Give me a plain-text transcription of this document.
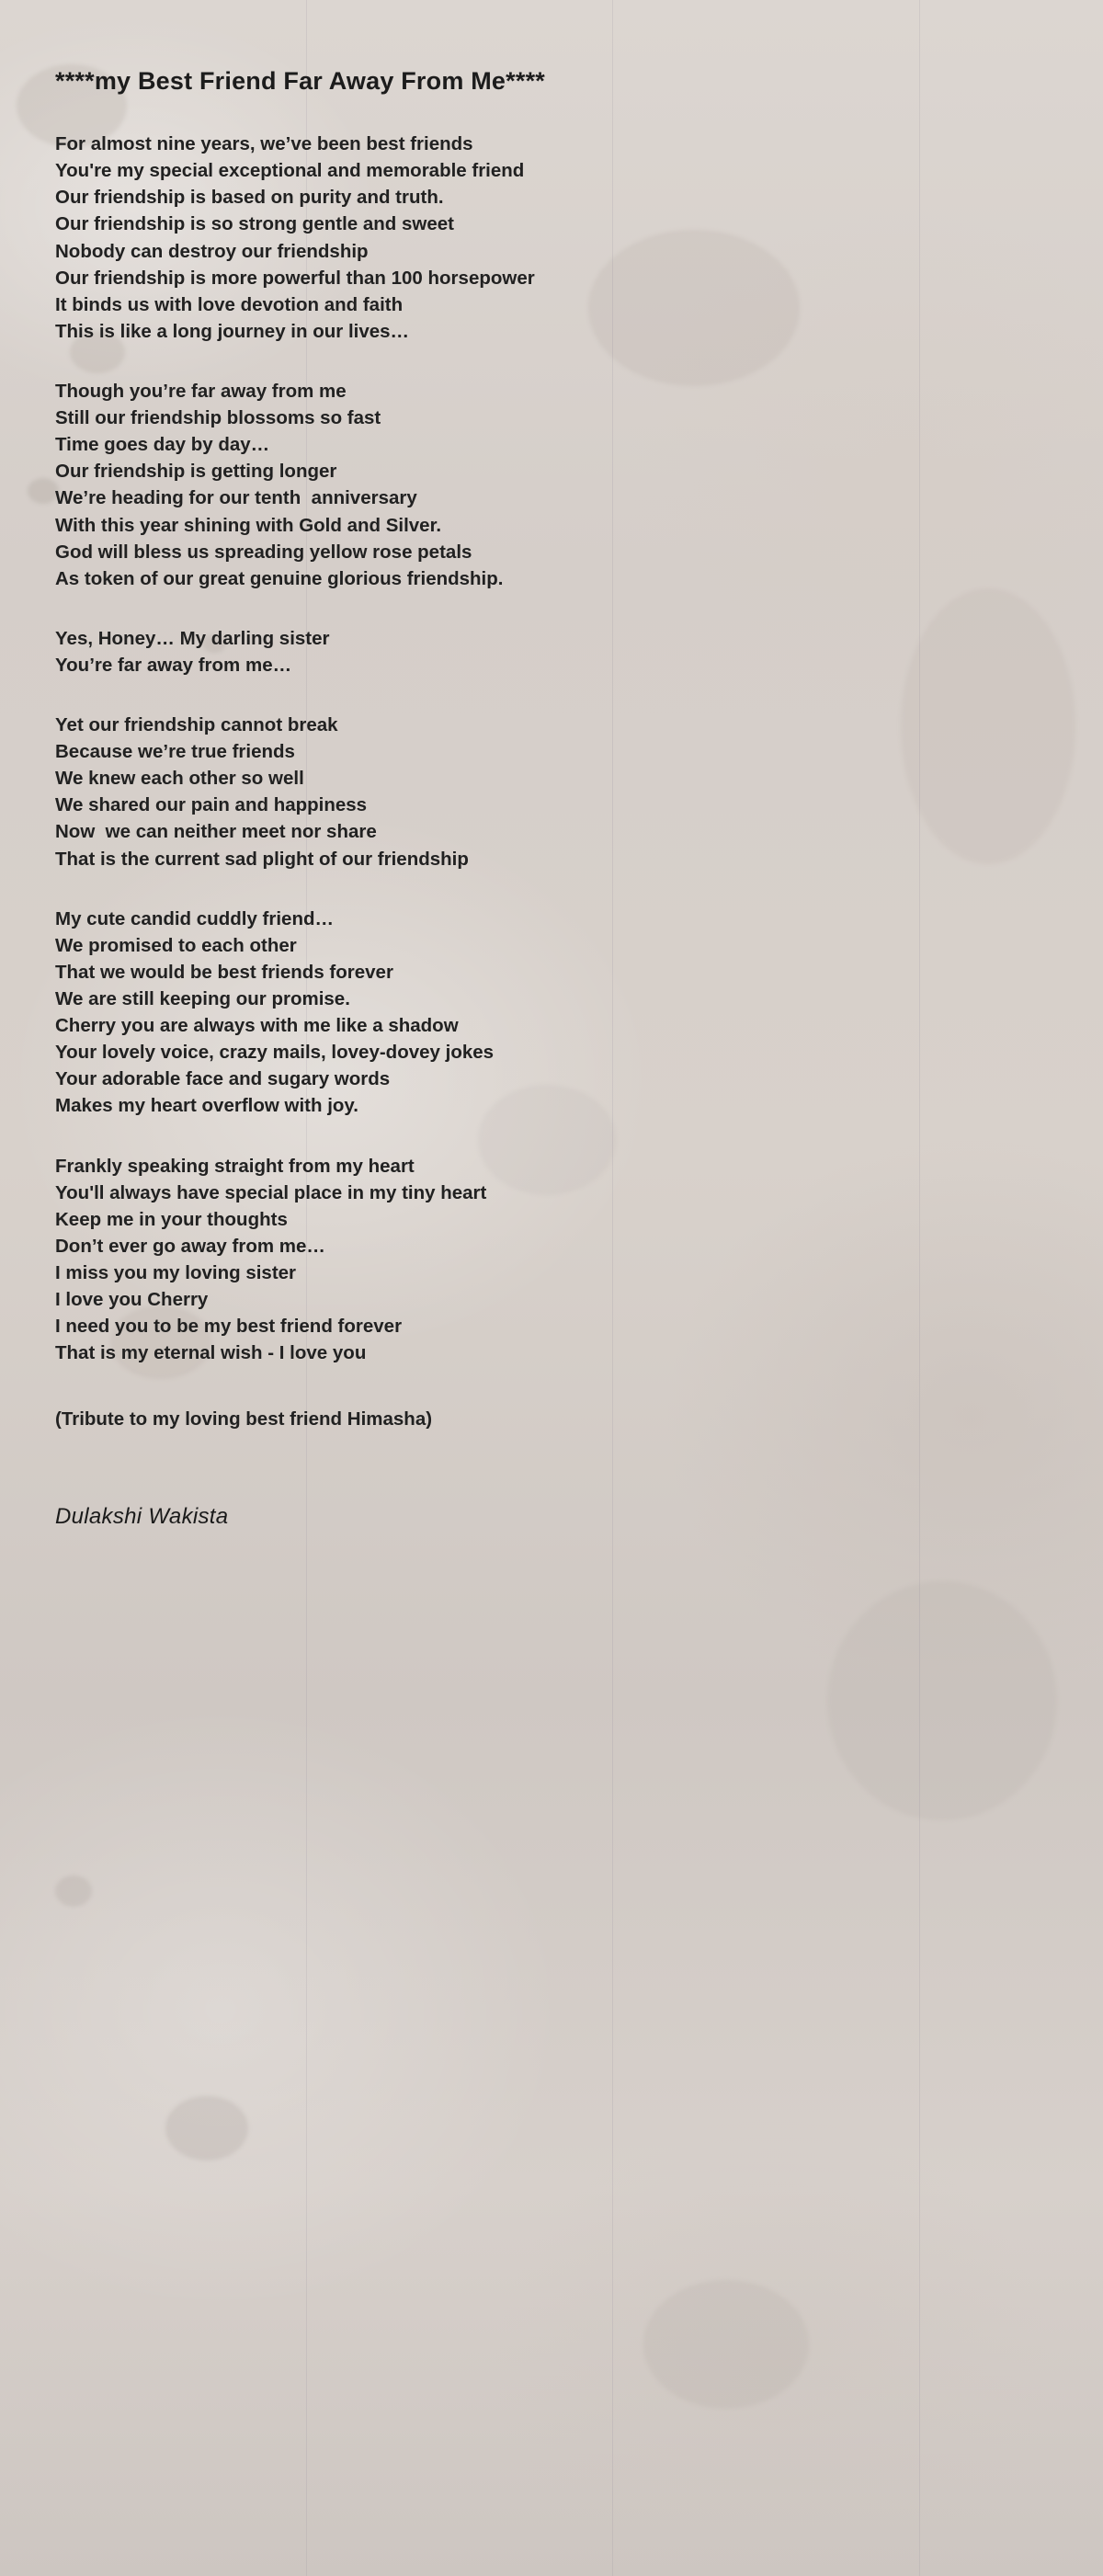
****my Best Friend Far Away From Me****
For almost nine years, we’ve been best friends
You're my special exceptional and memorable friend
Our friendship is based on purity and truth.
Our friendship is so strong gentle and sweet
Nobody can destroy our friendship
Our friendship is more powerful than 100 horsepower
It binds us with love devotion and faith
This is like a long journey in our lives…
Though you’re far away from me
Still our friendship blossoms so fast
Time goes day by day…
Our friendship is getting longer
We’re heading for our tenth  anniversary
With this year shining with Gold and Silver.
God will bless us spreading yellow rose petals
As token of our great genuine glorious friendship.
Yes, Honey… My darling sister
You’re far away from me…
Yet our friendship cannot break
Because we’re true friends
We knew each other so well
We shared our pain and happiness
Now  we can neither meet nor share
That is the current sad plight of our friendship
My cute candid cuddly friend…
We promised to each other
That we would be best friends forever
We are still keeping our promise.
Cherry you are always with me like a shadow
Your lovely voice, crazy mails, lovey-dovey jokes
Your adorable face and sugary words
Makes my heart overflow with joy.
Frankly speaking straight from my heart
You'll always have special place in my tiny heart
Keep me in your thoughts
Don’t ever go away from me…
I miss you my loving sister
I love you Cherry
I need you to be my best friend forever
That is my eternal wish - I love you
(Tribute to my loving best friend Himasha)
Dulakshi Wakista
